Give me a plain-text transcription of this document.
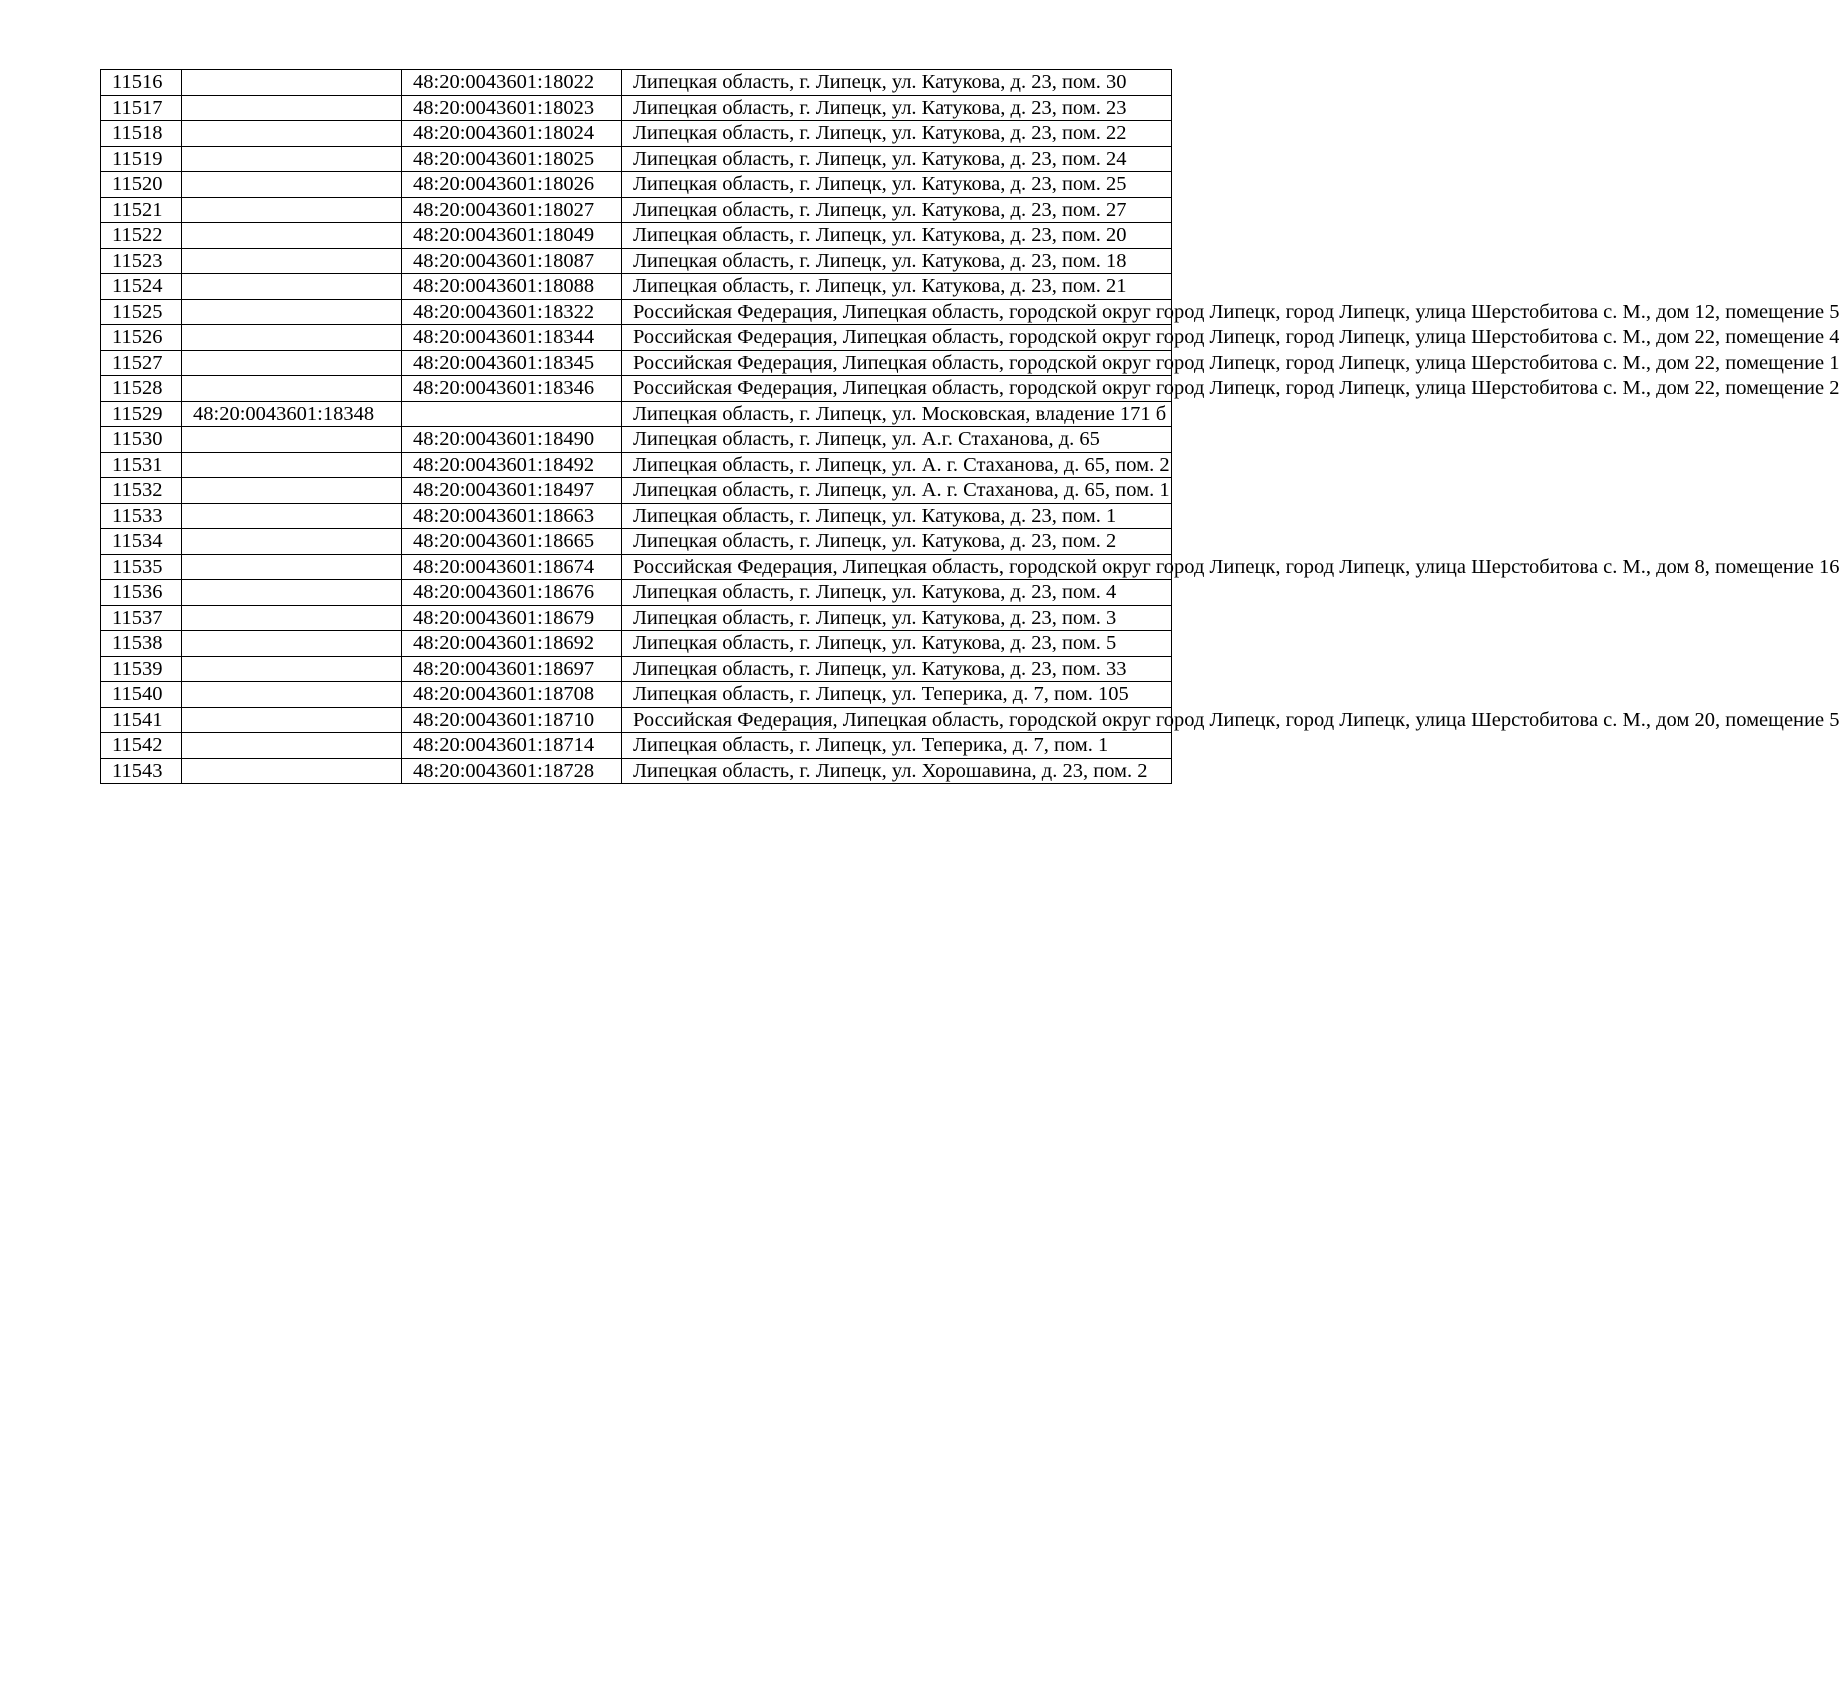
11516		48:20:0043601:18022	Липецкая область, г. Липецк, ул. Катукова, д. 23, пом. 30
11517		48:20:0043601:18023	Липецкая область, г. Липецк, ул. Катукова, д. 23, пом. 23
11518		48:20:0043601:18024	Липецкая область, г. Липецк, ул. Катукова, д. 23, пом. 22
11519		48:20:0043601:18025	Липецкая область, г. Липецк, ул. Катукова, д. 23, пом. 24
11520		48:20:0043601:18026	Липецкая область, г. Липецк, ул. Катукова, д. 23, пом. 25
11521		48:20:0043601:18027	Липецкая область, г. Липецк, ул. Катукова, д. 23, пом. 27
11522		48:20:0043601:18049	Липецкая область, г. Липецк, ул. Катукова, д. 23, пом. 20
11523		48:20:0043601:18087	Липецкая область, г. Липецк, ул. Катукова, д. 23, пом. 18
11524		48:20:0043601:18088	Липецкая область, г. Липецк, ул. Катукова, д. 23, пом. 21
11525		48:20:0043601:18322	Российская Федерация, Липецкая область, городской округ город Липецк, город Липецк, улица Шерстобитова с. М., дом 12, помещение 5
11526		48:20:0043601:18344	Российская Федерация, Липецкая область, городской округ город Липецк, город Липецк, улица Шерстобитова с. М., дом 22, помещение 4
11527		48:20:0043601:18345	Российская Федерация, Липецкая область, городской округ город Липецк, город Липецк, улица Шерстобитова с. М., дом 22, помещение 1
11528		48:20:0043601:18346	Российская Федерация, Липецкая область, городской округ город Липецк, город Липецк, улица Шерстобитова с. М., дом 22, помещение 2
11529	48:20:0043601:18348		Липецкая область, г. Липецк, ул. Московская, владение 171 б
11530		48:20:0043601:18490	Липецкая область, г. Липецк, ул. А.г. Стаханова, д. 65
11531		48:20:0043601:18492	Липецкая область, г. Липецк, ул. А. г. Стаханова, д. 65, пом. 2
11532		48:20:0043601:18497	Липецкая область, г. Липецк, ул. А. г. Стаханова, д. 65, пом. 1
11533		48:20:0043601:18663	Липецкая область, г. Липецк, ул. Катукова, д. 23, пом. 1
11534		48:20:0043601:18665	Липецкая область, г. Липецк, ул. Катукова, д. 23, пом. 2
11535		48:20:0043601:18674	Российская Федерация, Липецкая область, городской округ город Липецк, город Липецк, улица Шерстобитова с. М., дом 8, помещение 16
11536		48:20:0043601:18676	Липецкая область, г. Липецк, ул. Катукова, д. 23, пом. 4
11537		48:20:0043601:18679	Липецкая область, г. Липецк, ул. Катукова, д. 23, пом. 3
11538		48:20:0043601:18692	Липецкая область, г. Липецк, ул. Катукова, д. 23, пом. 5
11539		48:20:0043601:18697	Липецкая область, г. Липецк, ул. Катукова, д. 23, пом. 33
11540		48:20:0043601:18708	Липецкая область, г. Липецк, ул. Теперика, д. 7, пом. 105
11541		48:20:0043601:18710	Российская Федерация, Липецкая область, городской округ город Липецк, город Липецк, улица Шерстобитова с. М., дом 20, помещение 5
11542		48:20:0043601:18714	Липецкая область, г. Липецк, ул. Теперика, д. 7, пом. 1
11543		48:20:0043601:18728	Липецкая область, г. Липецк, ул. Хорошавина, д. 23, пом. 2
